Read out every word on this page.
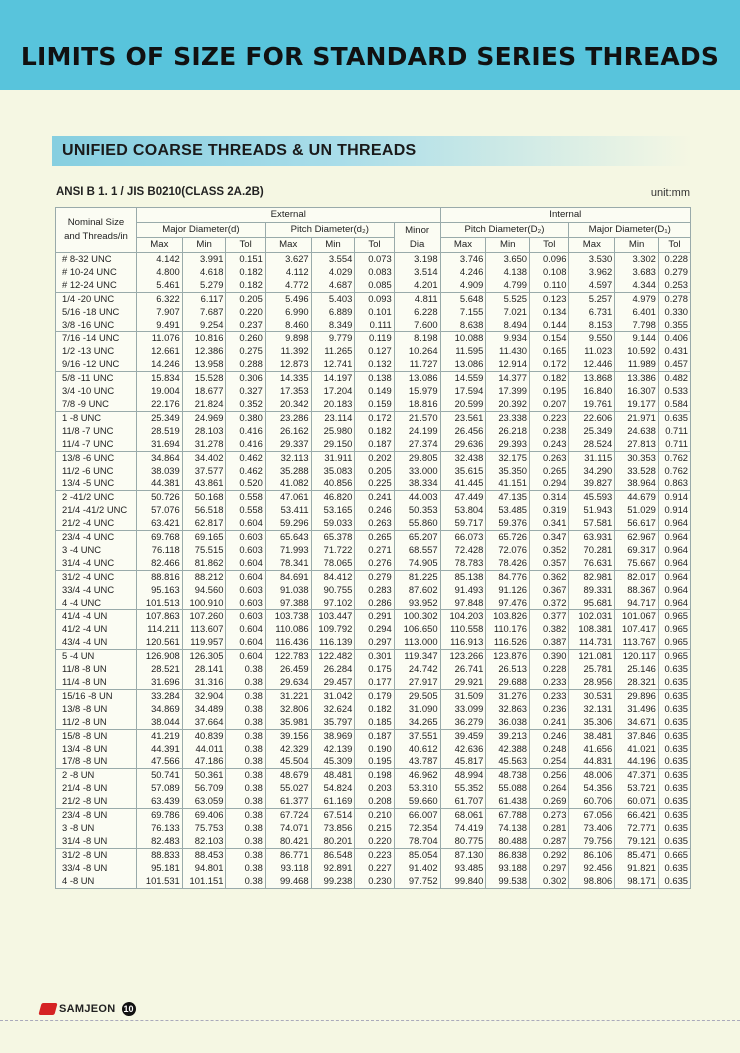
LIMITS OF SIZE FOR STANDARD SERIES THREADS
UNIFIED COARSE THREADS & UN THREADS
ANSI B 1. 1 / JIS B0210(CLASS 2A.2B)	unit:mm
Nominal Size and Threads/in	External							Internal					
	Major Diameter(d)			Pitch Diameter(d₂)			Minor Dia	Pitch Diameter(D₂)			Major Diameter(D₁)		
	Max	Min	Tol	Max	Min	Tol		Max	Min	Tol	Max	Min	Tol
# 8-32 UNC	4.142	3.991	0.151	3.627	3.554	0.073	3.198	3.746	3.650	0.096	3.530	3.302	0.228
# 10-24 UNC	4.800	4.618	0.182	4.112	4.029	0.083	3.514	4.246	4.138	0.108	3.962	3.683	0.279
# 12-24 UNC	5.461	5.279	0.182	4.772	4.687	0.085	4.201	4.909	4.799	0.110	4.597	4.344	0.253
1/4 -20 UNC	6.322	6.117	0.205	5.496	5.403	0.093	4.811	5.648	5.525	0.123	5.257	4.979	0.278
5/16 -18 UNC	7.907	7.687	0.220	6.990	6.889	0.101	6.228	7.155	7.021	0.134	6.731	6.401	0.330
3/8 -16 UNC	9.491	9.254	0.237	8.460	8.349	0.111	7.600	8.638	8.494	0.144	8.153	7.798	0.355
7/16 -14 UNC	11.076	10.816	0.260	9.898	9.779	0.119	8.198	10.088	9.934	0.154	9.550	9.144	0.406
1/2 -13 UNC	12.661	12.386	0.275	11.392	11.265	0.127	10.264	11.595	11.430	0.165	11.023	10.592	0.431
9/16 -12 UNC	14.246	13.958	0.288	12.873	12.741	0.132	11.727	13.086	12.914	0.172	12.446	11.989	0.457
5/8 -11 UNC	15.834	15.528	0.306	14.335	14.197	0.138	13.086	14.559	14.377	0.182	13.868	13.386	0.482
3/4 -10 UNC	19.004	18.677	0.327	17.353	17.204	0.149	15.979	17.594	17.399	0.195	16.840	16.307	0.533
7/8 -9 UNC	22.176	21.824	0.352	20.342	20.183	0.159	18.816	20.599	20.392	0.207	19.761	19.177	0.584
1 -8 UNC	25.349	24.969	0.380	23.286	23.114	0.172	21.570	23.561	23.338	0.223	22.606	21.971	0.635
11/8 -7 UNC	28.519	28.103	0.416	26.162	25.980	0.182	24.199	26.456	26.218	0.238	25.349	24.638	0.711
11/4 -7 UNC	31.694	31.278	0.416	29.337	29.150	0.187	27.374	29.636	29.393	0.243	28.524	27.813	0.711
13/8 -6 UNC	34.864	34.402	0.462	32.113	31.911	0.202	29.805	32.438	32.175	0.263	31.115	30.353	0.762
11/2 -6 UNC	38.039	37.577	0.462	35.288	35.083	0.205	33.000	35.615	35.350	0.265	34.290	33.528	0.762
13/4 -5 UNC	44.381	43.861	0.520	41.082	40.856	0.225	38.334	41.445	41.151	0.294	39.827	38.964	0.863
2 -41/2 UNC	50.726	50.168	0.558	47.061	46.820	0.241	44.003	47.449	47.135	0.314	45.593	44.679	0.914
21/4 -41/2 UNC	57.076	56.518	0.558	53.411	53.165	0.246	50.353	53.804	53.485	0.319	51.943	51.029	0.914
21/2 -4 UNC	63.421	62.817	0.604	59.296	59.033	0.263	55.860	59.717	59.376	0.341	57.581	56.617	0.964
23/4 -4 UNC	69.768	69.165	0.603	65.643	65.378	0.265	65.207	66.073	65.726	0.347	63.931	62.967	0.964
3 -4 UNC	76.118	75.515	0.603	71.993	71.722	0.271	68.557	72.428	72.076	0.352	70.281	69.317	0.964
31/4 -4 UNC	82.466	81.862	0.604	78.341	78.065	0.276	74.905	78.783	78.426	0.357	76.631	75.667	0.964
31/2 -4 UNC	88.816	88.212	0.604	84.691	84.412	0.279	81.225	85.138	84.776	0.362	82.981	82.017	0.964
33/4 -4 UNC	95.163	94.560	0.603	91.038	90.755	0.283	87.602	91.493	91.126	0.367	89.331	88.367	0.964
4 -4 UNC	101.513	100.910	0.603	97.388	97.102	0.286	93.952	97.848	97.476	0.372	95.681	94.717	0.964
41/4 -4 UN	107.863	107.260	0.603	103.738	103.447	0.291	100.302	104.203	103.826	0.377	102.031	101.067	0.965
41/2 -4 UN	114.211	113.607	0.604	110.086	109.792	0.294	106.650	110.558	110.176	0.382	108.381	107.417	0.965
43/4 -4 UN	120.561	119.957	0.604	116.436	116.139	0.297	113.000	116.913	116.526	0.387	114.731	113.767	0.965
5 -4 UN	126.908	126.305	0.604	122.783	122.482	0.301	119.347	123.266	123.876	0.390	121.081	120.117	0.965
11/8 -8 UN	28.521	28.141	0.38	26.459	26.284	0.175	24.742	26.741	26.513	0.228	25.781	25.146	0.635
11/4 -8 UN	31.696	31.316	0.38	29.634	29.457	0.177	27.917	29.921	29.688	0.233	28.956	28.321	0.635
15/16 -8 UN	33.284	32.904	0.38	31.221	31.042	0.179	29.505	31.509	31.276	0.233	30.531	29.896	0.635
13/8 -8 UN	34.869	34.489	0.38	32.806	32.624	0.182	31.090	33.099	32.863	0.236	32.131	31.496	0.635
11/2 -8 UN	38.044	37.664	0.38	35.981	35.797	0.185	34.265	36.279	36.038	0.241	35.306	34.671	0.635
15/8 -8 UN	41.219	40.839	0.38	39.156	38.969	0.187	37.551	39.459	39.213	0.246	38.481	37.846	0.635
13/4 -8 UN	44.391	44.011	0.38	42.329	42.139	0.190	40.612	42.636	42.388	0.248	41.656	41.021	0.635
17/8 -8 UN	47.566	47.186	0.38	45.504	45.309	0.195	43.787	45.817	45.563	0.254	44.831	44.196	0.635
2 -8 UN	50.741	50.361	0.38	48.679	48.481	0.198	46.962	48.994	48.738	0.256	48.006	47.371	0.635
21/4 -8 UN	57.089	56.709	0.38	55.027	54.824	0.203	53.310	55.352	55.088	0.264	54.356	53.721	0.635
21/2 -8 UN	63.439	63.059	0.38	61.377	61.169	0.208	59.660	61.707	61.438	0.269	60.706	60.071	0.635
23/4 -8 UN	69.786	69.406	0.38	67.724	67.514	0.210	66.007	68.061	67.788	0.273	67.056	66.421	0.635
3 -8 UN	76.133	75.753	0.38	74.071	73.856	0.215	72.354	74.419	74.138	0.281	73.406	72.771	0.635
31/4 -8 UN	82.483	82.103	0.38	80.421	80.201	0.220	78.704	80.775	80.488	0.287	79.756	79.121	0.635
31/2 -8 UN	88.833	88.453	0.38	86.771	86.548	0.223	85.054	87.130	86.838	0.292	86.106	85.471	0.665
33/4 -8 UN	95.181	94.801	0.38	93.118	92.891	0.227	91.402	93.485	93.188	0.297	92.456	91.821	0.635
4 -8 UN	101.531	101.151	0.38	99.468	99.238	0.230	97.752	99.840	99.538	0.302	98.806	98.171	0.635
SAMJEON 10
